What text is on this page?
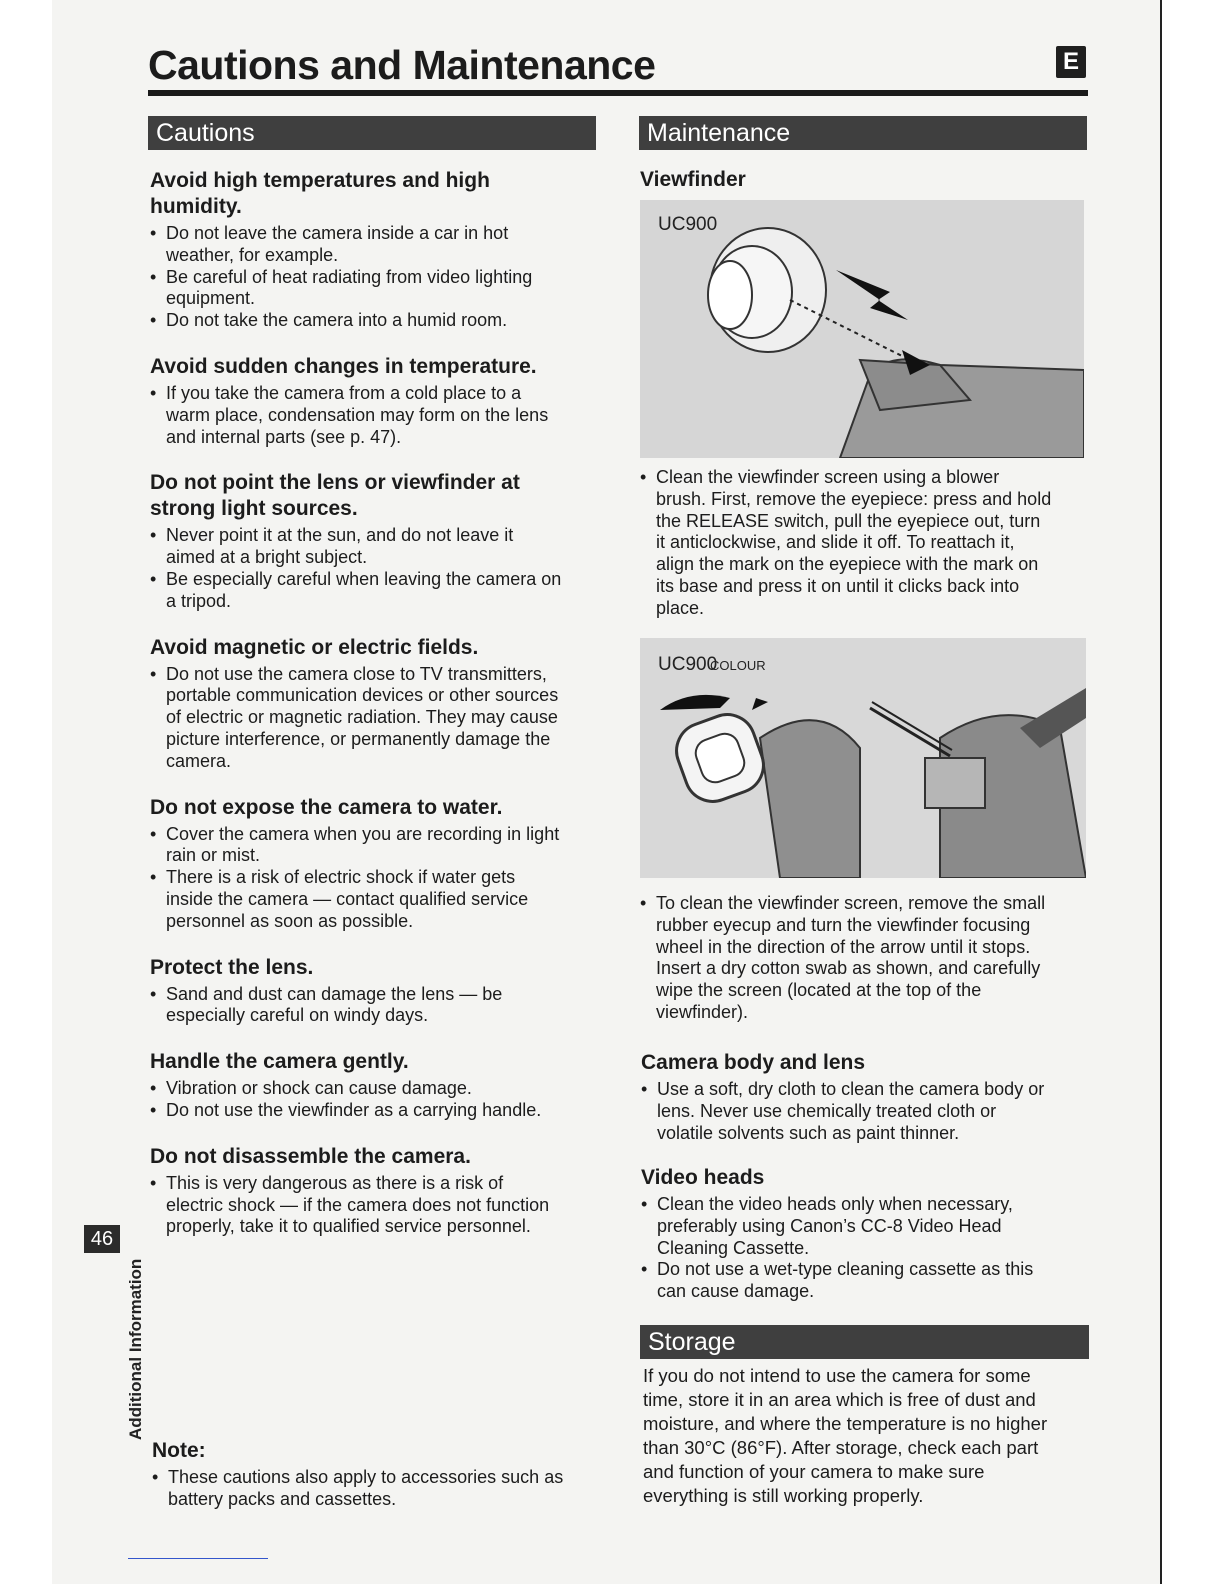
Cautions and Maintenance	E
Cautions
Avoid high temperatures and high
humidity.
• Do not leave the camera inside a car in hot
weather, for example.
• Be careful of heat radiating from video lighting
equipment.
• Do not take the camera into a humid room.
Avoid sudden changes in temperature.
• If you take the camera from a cold place to a
warm place, condensation may form on the lens
and internal parts (see p. 47).
Do not point the lens or viewfinder at
strong light sources.
• Never point it at the sun, and do not leave it
aimed at a bright subject.
• Be especially careful when leaving the camera on
a tripod.
Avoid magnetic or electric fields.
• Do not use the camera close to TV transmitters,
portable communication devices or other sources
of electric or magnetic radiation. They may cause
picture interference, or permanently damage the
camera.
Do not expose the camera to water.
• Cover the camera when you are recording in light
rain or mist.
• There is a risk of electric shock if water gets
inside the camera — contact qualified service
personnel as soon as possible.
Protect the lens.
• Sand and dust can damage the lens — be
especially careful on windy days.
Handle the camera gently.
• Vibration or shock can cause damage.
• Do not use the viewfinder as a carrying handle.
Do not disassemble the camera.
• This is very dangerous as there is a risk of
electric shock — if the camera does not function
properly, take it to qualified service personnel.
Note:
• These cautions also apply to accessories such as
battery packs and cassettes.
Maintenance
Viewfinder
UC900
• Clean the viewfinder screen using a blower
brush. First, remove the eyepiece: press and hold
the RELEASE switch, pull the eyepiece out, turn
it anticlockwise, and slide it off. To reattach it,
align the mark on the eyepiece with the mark on
its base and press it on until it clicks back into
place.
UC900
COLOUR
• To clean the viewfinder screen, remove the small
rubber eyecup and turn the viewfinder focusing
wheel in the direction of the arrow until it stops.
Insert a dry cotton swab as shown, and carefully
wipe the screen (located at the top of the
viewfinder).
Camera body and lens
• Use a soft, dry cloth to clean the camera body or
lens. Never use chemically treated cloth or
volatile solvents such as paint thinner.
Video heads
• Clean the video heads only when necessary,
preferably using Canon’s CC-8 Video Head
Cleaning Cassette.
• Do not use a wet-type cleaning cassette as this
can cause damage.
Storage

If you do not intend to use the camera for some
time, store it in an area which is free of dust and
moisture, and where the temperature is no higher
than 30°C (86°F). After storage, check each part
and function of your camera to make sure
everything is still working properly.

46
Additional Information
